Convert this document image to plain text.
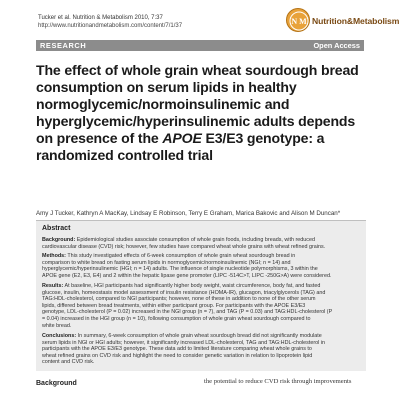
Tucker et al. Nutrition & Metabolism 2010, 7:37
http://www.nutritionandmetabolism.com/content/7/1/37	N M Nutrition&Metabolism
RESEARCH	Open Access
The effect of whole grain wheat sourdough bread
consumption on serum lipids in healthy
normoglycemic/normoinsulinemic and
hyperglycemic/hyperinsulinemic adults depends
on presence of the APOE E3/E3 genotype: a
randomized controlled trial
Amy J Tucker, Kathryn A MacKay, Lindsay E Robinson, Terry E Graham, Marica Bakovic and Alison M Duncan*
Abstract
Background: Epidemiological studies associate consumption of whole grain foods, including breads, with reduced
cardiovascular disease (CVD) risk; however, few studies have compared wheat whole grains with wheat refined grains.
Methods: This study investigated effects of 6-week consumption of whole grain wheat sourdough bread in
comparison to white bread on fasting serum lipids in normoglycemic/normoinsulinemic (NGI; n = 14) and
hyperglycemic/hyperinsulinemic (HGI; n = 14) adults. The influence of single nucleotide polymorphisms, 3 within the
APOE gene (E2, E3, E4) and 2 within the hepatic lipase gene promoter (LIPC -514C>T, LIPC -250G>A) were considered.
Results: At baseline, HGI participants had significantly higher body weight, waist circumference, body fat, and fasted
glucose, insulin, homeostasis model assessment of insulin resistance (HOMA-IR), glucagon, triacylglycerols (TAG) and
TAG:HDL-cholesterol, compared to NGI participants; however, none of these in addition to none of the other serum
lipids, differed between bread treatments, within either participant group. For participants with the APOE E3/E3
genotype, LDL-cholesterol (P = 0.02) increased in the NGI group (n = 7), and TAG (P = 0.03) and TAG:HDL-cholesterol (P
= 0.04) increased in the HGI group (n = 10), following consumption of whole grain wheat sourdough compared to
white bread.
Conclusions: In summary, 6-week consumption of whole grain wheat sourdough bread did not significantly modulate
serum lipids in NGI or HGI adults; however, it significantly increased LDL-cholesterol, TAG and TAG:HDL-cholesterol in
participants with the APOE E3/E3 genotype. These data add to limited literature comparing wheat whole grains to
wheat refined grains on CVD risk and highlight the need to consider genetic variation in relation to lipoprotein lipid
content and CVD risk.
Background	the potential to reduce CVD risk through improvements
